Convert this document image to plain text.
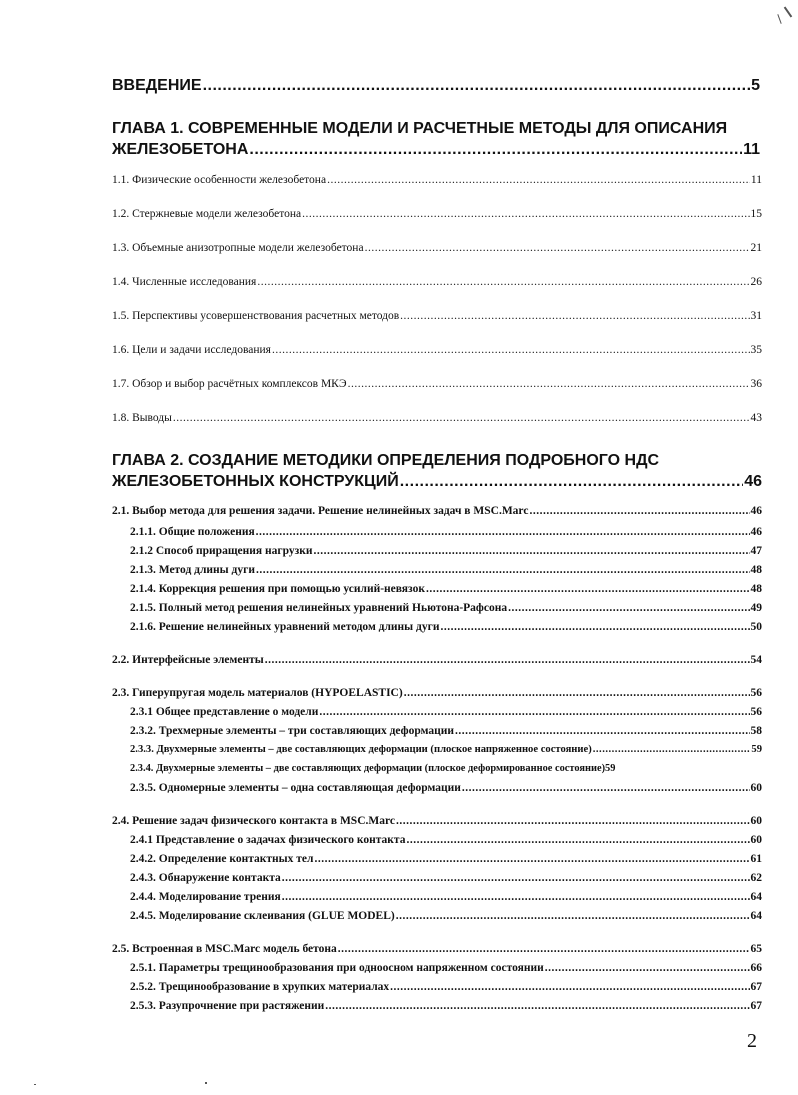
ВВЕДЕНИЕ .....	5
ГЛАВА 1. СОВРЕМЕННЫЕ МОДЕЛИ И РАСЧЕТНЫЕ МЕТОДЫ ДЛЯ ОПИСАНИЯ
ЖЕЛЕЗОБЕТОНА .....	11
1.1. Физические особенности железобетона .....	11
1.2. Стержневые модели железобетона .....	15
1.3. Объемные анизотропные модели железобетона .....	21
1.4. Численные исследования .....	26
1.5. Перспективы усовершенствования расчетных методов .....	31
1.6. Цели и задачи исследования .....	35
1.7. Обзор и выбор расчётных комплексов МКЭ .....	36
1.8. Выводы .....	43
ГЛАВА 2. СОЗДАНИЕ МЕТОДИКИ ОПРЕДЕЛЕНИЯ ПОДРОБНОГО НДС
ЖЕЛЕЗОБЕТОННЫХ КОНСТРУКЦИЙ .....	46
2.1. Выбор метода для решения задачи. Решение нелинейных задач в MSC.Marc .....	46
2.1.1. Общие положения .....	46
2.1.2 Способ приращения нагрузки .....	47
2.1.3. Метод длины дуги .....	48
2.1.4. Коррекция решения при помощью усилий-невязок .....	48
2.1.5. Полный метод решения нелинейных уравнений Ньютона-Рафсона .....	49
2.1.6. Решение нелинейных уравнений методом длины дуги .....	50
2.2. Интерфейсные элементы .....	54
2.3. Гиперупругая модель материалов (HYPOELASTIC) .....	56
2.3.1 Общее представление о модели .....	56
2.3.2. Трехмерные элементы – три составляющих деформации .....	58
2.3.3. Двухмерные элементы – две составляющих деформации (плоское напряженное состояние) .....	59
2.3.4. Двухмерные элементы – две составляющих деформации (плоское деформированное состояние) 59
2.3.5. Одномерные элементы – одна составляющая деформации .....	60
2.4. Решение задач физического контакта в MSC.Marc .....	60
2.4.1 Представление о задачах физического контакта .....	60
2.4.2. Определение контактных тел .....	61
2.4.3. Обнаружение контакта .....	62
2.4.4. Моделирование трения .....	64
2.4.5. Моделирование склеивания (GLUE MODEL) .....	64
2.5. Встроенная в MSC.Marc модель бетона .....	65
2.5.1. Параметры трещинообразования при одноосном напряженном состоянии .....	66
2.5.2. Трещинообразование в хрупких материалах .....	67
2.5.3. Разупрочнение при растяжении .....	67
2
